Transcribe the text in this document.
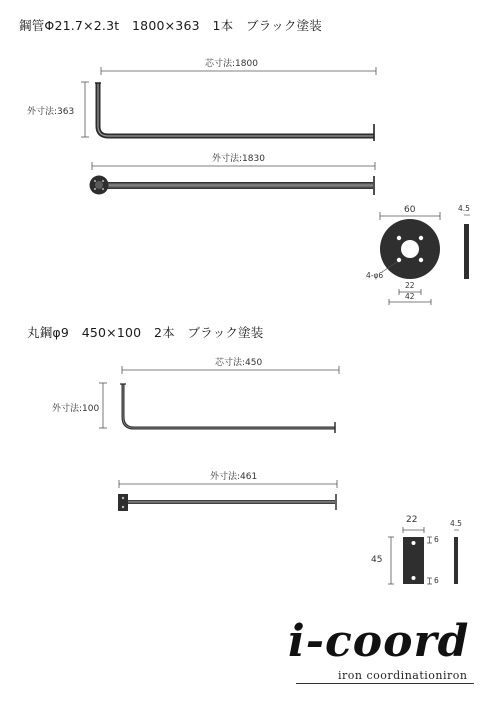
鋼管Φ21.7×2.3t　1800×363　1本　ブラック塗装
芯寸法:1800
外寸法:363
外寸法:1830
60	4.5
4-φ6
22
42
丸鋼φ9　450×100　2本　ブラック塗装
芯寸法:450
外寸法:100
外寸法:461
22	4.5
45
6
6
i-coord
iron coordinationiron
